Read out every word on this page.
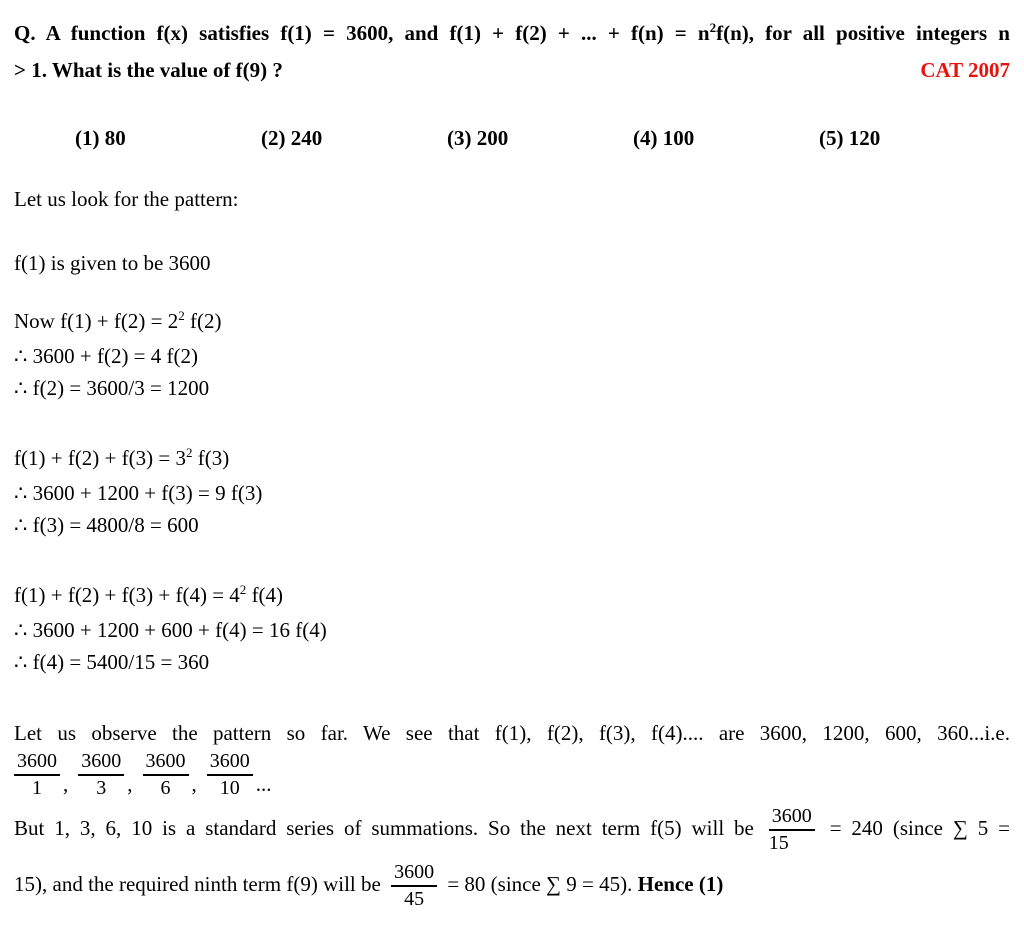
Q. A function f(x) satisfies f(1) = 3600, and f(1) + f(2) + ... + $f(n) = n^2f(n)$, for all positive integers n
> 1. What is the value of f(9) ?	CAT 2007
(1) 80	(2) 240	(3) 200	(4) 100	(5) 120
Let us look for the pattern:
f(1) is given to be 3600
Now $f(1) + f(2) = 2^2$ f(2)
∴ 3600 + f(2) = 4 f(2)
∴ f(2) = 3600/3 = 1200
$f(1) + f(2) + f(3) = 3^2$ f(3)
∴ 3600 + 1200 + f(3) = 9 f(3)
∴ f(3) = 4800/8 = 600
$f(1) + f(2) + f(3) + f(4) = 4^2$ f(4)
∴ 3600 + 1200 + 600 + f(4) = 16 f(4)
∴ f(4) = 5400/15 = 360
Let us observe the pattern so far. We see that f(1), f(2), f(3), f(4).... are 3600, 1200, 600, 360...i.e.
$\frac{3600}{1}$ , $\frac{3600}{3}$ , $\frac{3600}{6}$ , $\frac{3600}{10}$ ...
But 1, 3, 6, 10 is a standard series of summations. So the next term f(5) will be $\frac{3600}{15} = 240$ (since ∑ 5 =
15), and the required ninth term f(9) will be $\frac{3600}{45} = 80$ (since ∑ 9 = 45). Hence (1)
